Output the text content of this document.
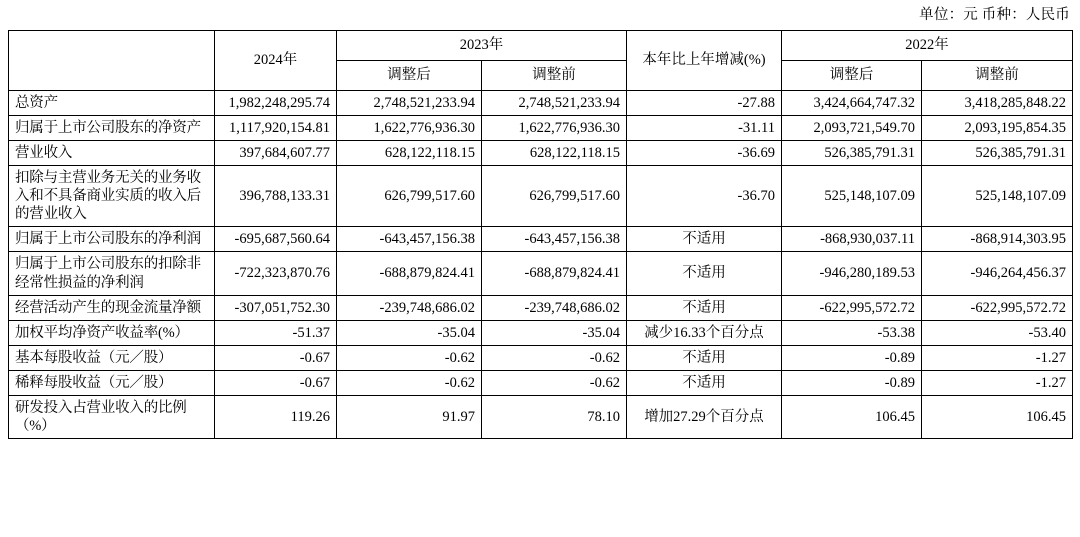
单位：元 币种：人民币
	2024年	2023年		本年比上年增减(%)	2022年	
		调整后	调整前		调整后	调整前
总资产	1,982,248,295.74	2,748,521,233.94	2,748,521,233.94	-27.88	3,424,664,747.32	3,418,285,848.22
归属于上市公司股东的净资产	1,117,920,154.81	1,622,776,936.30	1,622,776,936.30	-31.11	2,093,721,549.70	2,093,195,854.35
营业收入	397,684,607.77	628,122,118.15	628,122,118.15	-36.69	526,385,791.31	526,385,791.31
扣除与主营业务无关的业务收入和不具备商业实质的收入后的营业收入	396,788,133.31	626,799,517.60	626,799,517.60	-36.70	525,148,107.09	525,148,107.09
归属于上市公司股东的净利润	-695,687,560.64	-643,457,156.38	-643,457,156.38	不适用	-868,930,037.11	-868,914,303.95
归属于上市公司股东的扣除非经常性损益的净利润	-722,323,870.76	-688,879,824.41	-688,879,824.41	不适用	-946,280,189.53	-946,264,456.37
经营活动产生的现金流量净额	-307,051,752.30	-239,748,686.02	-239,748,686.02	不适用	-622,995,572.72	-622,995,572.72
加权平均净资产收益率(%）	-51.37	-35.04	-35.04	减少16.33个百分点	-53.38	-53.40
基本每股收益（元／股）	-0.67	-0.62	-0.62	不适用	-0.89	-1.27
稀释每股收益（元／股）	-0.67	-0.62	-0.62	不适用	-0.89	-1.27
研发投入占营业收入的比例（%）	119.26	91.97	78.10	增加27.29个百分点	106.45	106.45
